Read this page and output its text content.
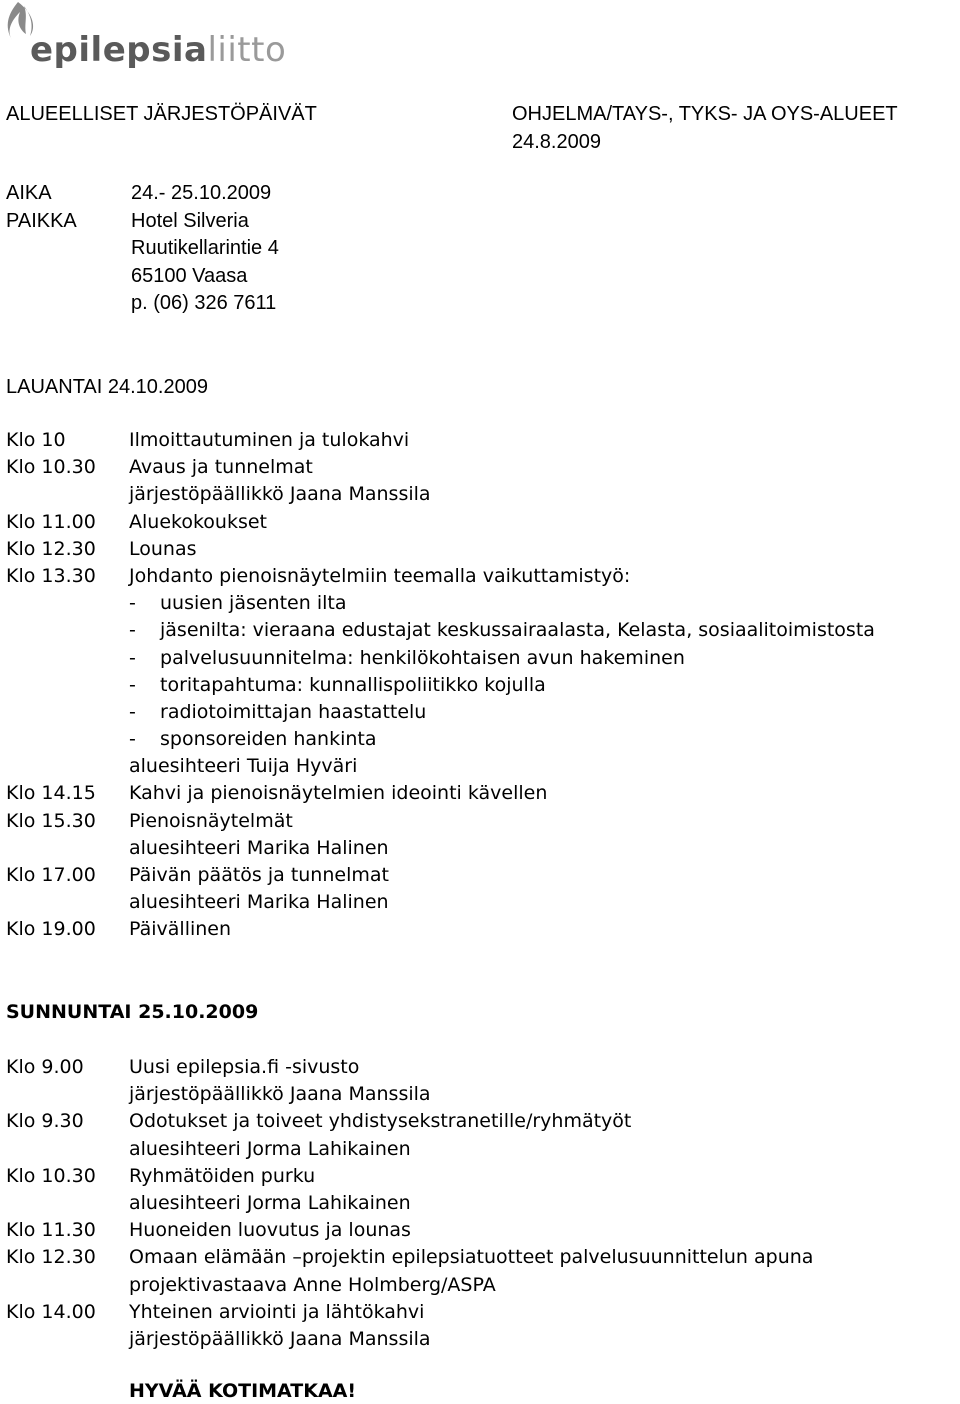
epilepsialiitto
ALUEELLISET JÄRJESTÖPÄIVÄT	OHJELMA/TAYS-, TYKS- JA OYS-ALUEET
24.8.2009
AIKA	24.- 25.10.2009
PAIKKA	Hotel Silveria
Ruutikellarintie 4
65100 Vaasa
p. (06) 326 7611
LAUANTAI 24.10.2009
Klo 10	Ilmoittautuminen ja tulokahvi
Klo 10.30 Avaus ja tunnelmat
järjestöpäällikkö Jaana Manssila
Klo 11.00 Aluekokoukset
Klo 12.30 Lounas
Klo 13.30 Johdanto pienoisnäytelmiin teemalla vaikuttamistyö:
-    uusien jäsenten ilta
-    jäsenilta: vieraana edustajat keskussairaalasta, Kelasta, sosiaalitoimistosta
-    palvelusuunnitelma: henkilökohtaisen avun hakeminen
-    toritapahtuma: kunnallispoliitikko kojulla
-    radiotoimittajan haastattelu
-    sponsoreiden hankinta
aluesihteeri Tuija Hyväri
Klo 14.15 Kahvi ja pienoisnäytelmien ideointi kävellen
Klo 15.30 Pienoisnäytelmät
aluesihteeri Marika Halinen
Klo 17.00 Päivän päätös ja tunnelmat
aluesihteeri Marika Halinen
Klo 19.00 Päivällinen
SUNNUNTAI 25.10.2009
Klo 9.00 Uusi epilepsia.fi -sivusto
järjestöpäällikkö Jaana Manssila
Klo 9.30 Odotukset ja toiveet yhdistysekstranetille/ryhmätyöt
aluesihteeri Jorma Lahikainen
Klo 10.30 Ryhmätöiden purku
aluesihteeri Jorma Lahikainen
Klo 11.30 Huoneiden luovutus ja lounas
Klo 12.30 Omaan elämään –projektin epilepsiatuotteet palvelusuunnittelun apuna
projektivastaava Anne Holmberg/ASPA
Klo 14.00 Yhteinen arviointi ja lähtökahvi
järjestöpäällikkö Jaana Manssila
HYVÄÄ KOTIMATKAA!
